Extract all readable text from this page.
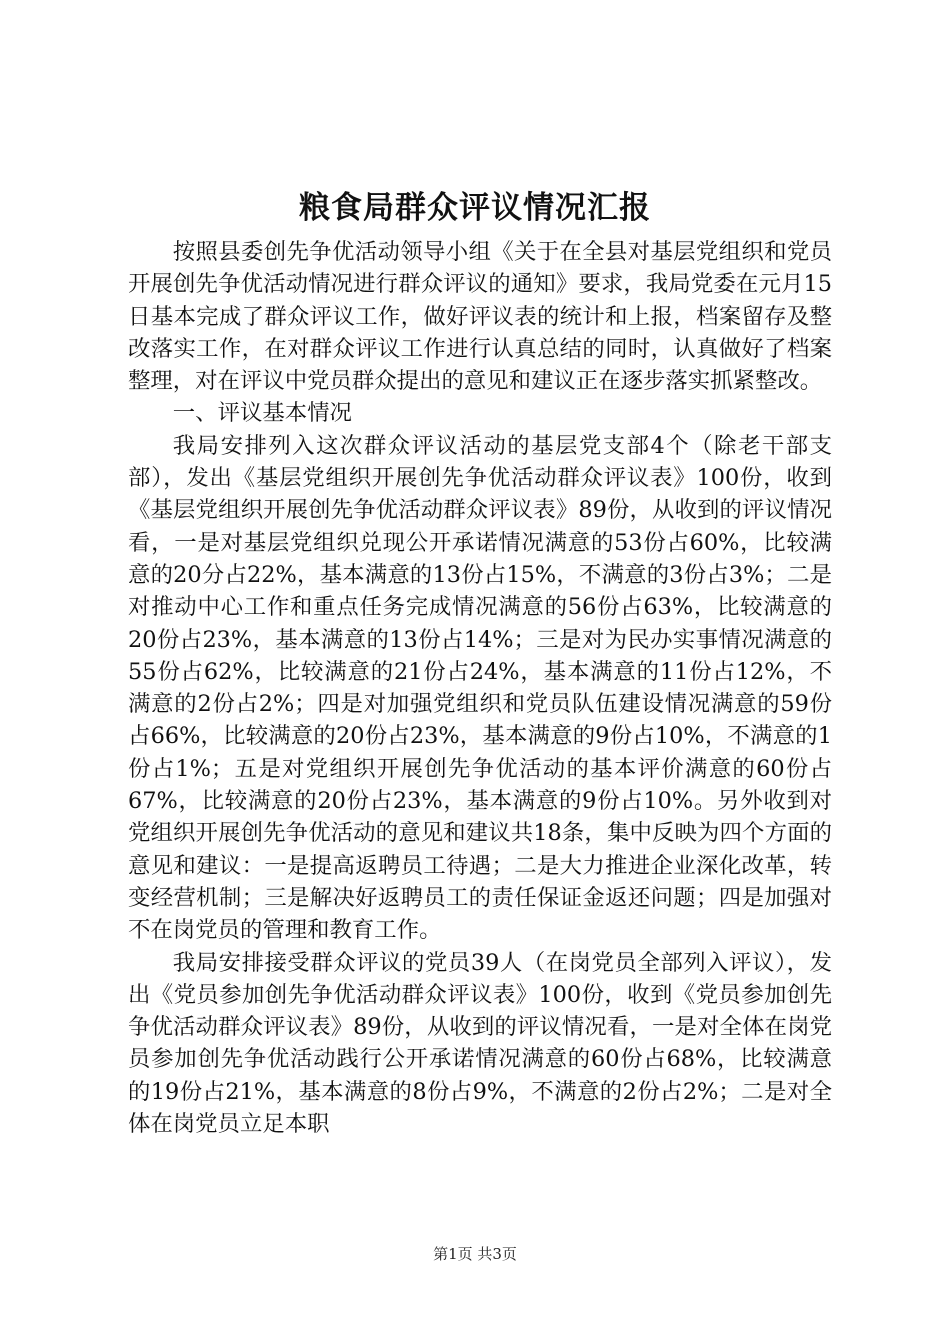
粮食局群众评议情况汇报

按照县委创先争优活动领导小组《关于在全县对基层党组织和党员开展创先争优活动情况进行群众评议的通知》要求，我局党委在元月15日基本完成了群众评议工作，做好评议表的统计和上报，档案留存及整改落实工作，在对群众评议工作进行认真总结的同时，认真做好了档案整理，对在评议中党员群众提出的意见和建议正在逐步落实抓紧整改。

一、评议基本情况

我局安排列入这次群众评议活动的基层党支部4个（除老干部支部），发出《基层党组织开展创先争优活动群众评议表》100份，收到《基层党组织开展创先争优活动群众评议表》89份，从收到的评议情况看，一是对基层党组织兑现公开承诺情况满意的53份占60%，比较满意的20分占22%，基本满意的13份占15%，不满意的3份占3%；二是对推动中心工作和重点任务完成情况满意的56份占63%，比较满意的20份占23%，基本满意的13份占14%；三是对为民办实事情况满意的55份占62%，比较满意的21份占24%，基本满意的11份占12%，不满意的2份占2%；四是对加强党组织和党员队伍建设情况满意的59份占66%，比较满意的20份占23%，基本满意的9份占10%，不满意的1份占1%；五是对党组织开展创先争优活动的基本评价满意的60份占67%，比较满意的20份占23%，基本满意的9份占10%。另外收到对党组织开展创先争优活动的意见和建议共18条，集中反映为四个方面的意见和建议：一是提高返聘员工待遇；二是大力推进企业深化改革，转变经营机制；三是解决好返聘员工的责任保证金返还问题；四是加强对不在岗党员的管理和教育工作。

我局安排接受群众评议的党员39人（在岗党员全部列入评议），发出《党员参加创先争优活动群众评议表》100份，收到《党员参加创先争优活动群众评议表》89份，从收到的评议情况看，一是对全体在岗党员参加创先争优活动践行公开承诺情况满意的60份占68%，比较满意的19份占21%，基本满意的8份占9%，不满意的2份占2%；二是对全体在岗党员立足本职

第1页 共3页
